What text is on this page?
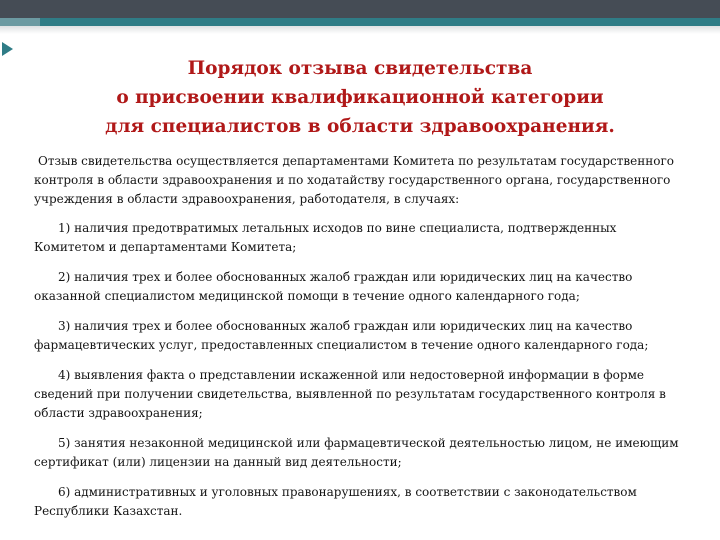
Порядок отзыва свидетельства
о присвоении квалификационной категории
для специалистов в области здравоохранения.

Отзыв свидетельства осуществляется департаментами Комитета по результатам государственного контроля в области здравоохранения и по ходатайству государственного органа, государственного учреждения в области здравоохранения, работодателя, в случаях:

1) наличия предотвратимых летальных исходов по вине специалиста, подтвержденных Комитетом и департаментами Комитета;

2) наличия трех и более обоснованных жалоб граждан или юридических лиц на качество оказанной специалистом медицинской помощи в течение одного календарного года;

3) наличия трех и более обоснованных жалоб граждан или юридических лиц на качество фармацевтических услуг, предоставленных специалистом в течение одного календарного года;

4) выявления факта о представлении искаженной или недостоверной информации в форме сведений при получении свидетельства, выявленной по результатам государственного контроля в области здравоохранения;

5) занятия незаконной медицинской или фармацевтической деятельностью лицом, не имеющим сертификат (или) лицензии на данный вид деятельности;

6) административных и уголовных правонарушениях, в соответствии с законодательством Республики Казахстан.
